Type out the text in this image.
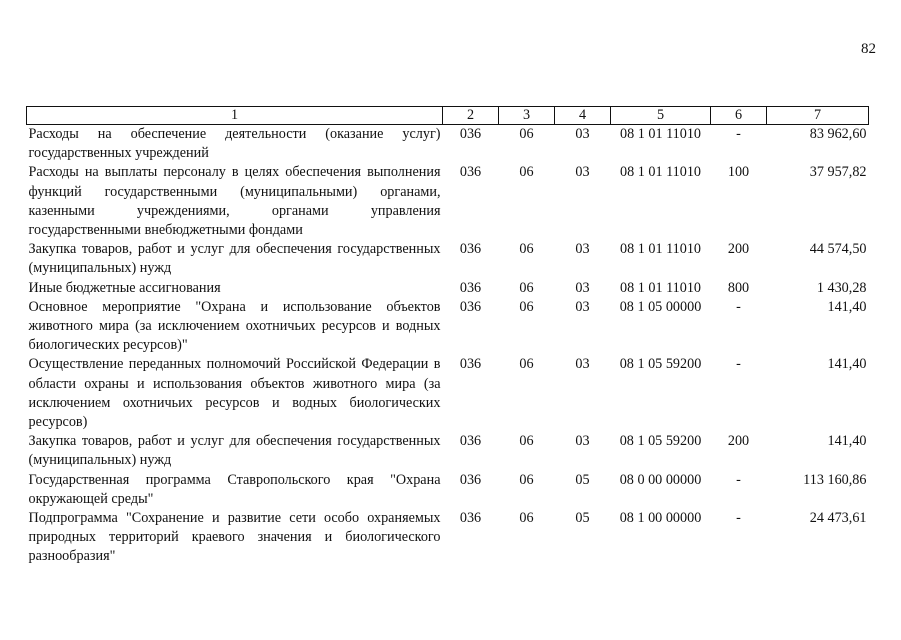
82
1	2	3	4	5	6	7
Расходы на обеспечение деятельности (оказание услуг) государственных учреждений	036	06	03	08 1 01 11010	-	83 962,60
Расходы на выплаты персоналу в целях обеспечения выполнения функций государственными (муниципальными) органами, казенными учреждениями, органами управления государственными внебюджетными фондами	036	06	03	08 1 01 11010	100	37 957,82
Закупка товаров, работ и услуг для обеспечения государственных (муниципальных) нужд	036	06	03	08 1 01 11010	200	44 574,50
Иные бюджетные ассигнования	036	06	03	08 1 01 11010	800	1 430,28
Основное мероприятие "Охрана и использование объектов животного мира (за исключением охотничьих ресурсов и водных биологических ресурсов)"	036	06	03	08 1 05 00000	-	141,40
Осуществление переданных полномочий Российской Федерации в области охраны и использования объектов животного мира (за исключением охотничьих ресурсов и водных биологических ресурсов)	036	06	03	08 1 05 59200	-	141,40
Закупка товаров, работ и услуг для обеспечения государственных (муниципальных) нужд	036	06	03	08 1 05 59200	200	141,40
Государственная программа Ставропольского края "Охрана окружающей среды"	036	06	05	08 0 00 00000	-	113 160,86
Подпрограмма "Сохранение и развитие сети особо охраняемых природных территорий краевого значения и биологического разнообразия"	036	06	05	08 1 00 00000	-	24 473,61
